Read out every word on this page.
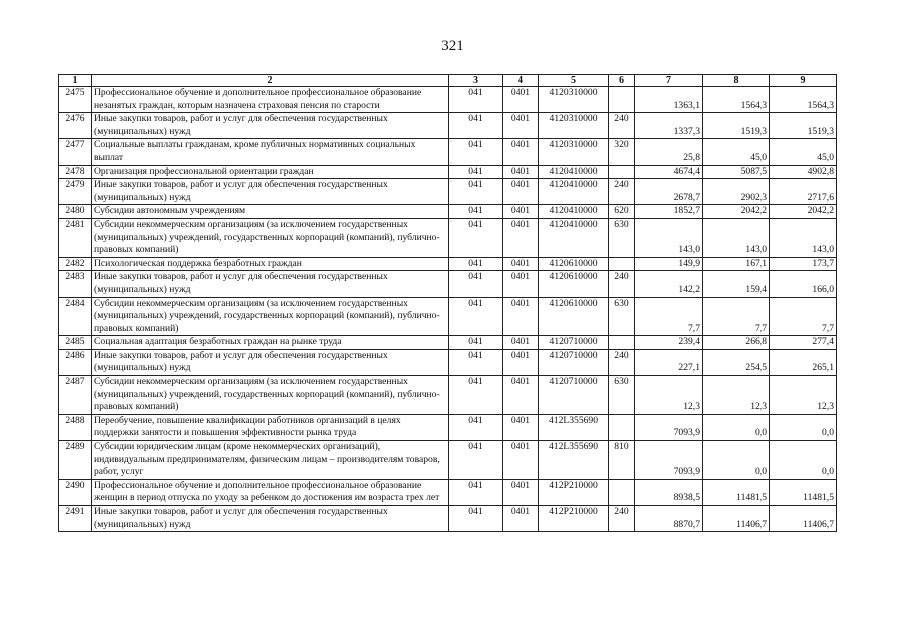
321
1	2	3	4	5	6	7	8	9
2475	Профессиональное обучение и дополнительное профессиональное образование незанятых граждан, которым назначена страховая пенсия по старости	041	0401	4120310000		1363,1	1564,3	1564,3
2476	Иные закупки товаров, работ и услуг для обеспечения государственных (муниципальных) нужд	041	0401	4120310000	240	1337,3	1519,3	1519,3
2477	Социальные выплаты гражданам, кроме публичных нормативных социальных выплат	041	0401	4120310000	320	25,8	45,0	45,0
2478	Организация профессиональной ориентации граждан	041	0401	4120410000		4674,4	5087,5	4902,8
2479	Иные закупки товаров, работ и услуг для обеспечения государственных (муниципальных) нужд	041	0401	4120410000	240	2678,7	2902,3	2717,6
2480	Субсидии автономным учреждениям	041	0401	4120410000	620	1852,7	2042,2	2042,2
2481	Субсидии некоммерческим организациям (за исключением государственных (муниципальных) учреждений, государственных корпораций (компаний), публично-правовых компаний)	041	0401	4120410000	630	143,0	143,0	143,0
2482	Психологическая поддержка безработных граждан	041	0401	4120610000		149,9	167,1	173,7
2483	Иные закупки товаров, работ и услуг для обеспечения государственных (муниципальных) нужд	041	0401	4120610000	240	142,2	159,4	166,0
2484	Субсидии некоммерческим организациям (за исключением государственных (муниципальных) учреждений, государственных корпораций (компаний), публично-правовых компаний)	041	0401	4120610000	630	7,7	7,7	7,7
2485	Социальная адаптация безработных граждан на рынке труда	041	0401	4120710000		239,4	266,8	277,4
2486	Иные закупки товаров, работ и услуг для обеспечения государственных (муниципальных) нужд	041	0401	4120710000	240	227,1	254,5	265,1
2487	Субсидии некоммерческим организациям (за исключением государственных (муниципальных) учреждений, государственных корпораций (компаний), публично-правовых компаний)	041	0401	4120710000	630	12,3	12,3	12,3
2488	Переобучение, повышение квалификации работников организаций в целях поддержки занятости и повышения эффективности рынка труда	041	0401	412L355690		7093,9	0,0	0,0
2489	Субсидии юридическим лицам (кроме некоммерческих организаций), индивидуальным предпринимателям, физическим лицам – производителям товаров, работ, услуг	041	0401	412L355690	810	7093,9	0,0	0,0
2490	Профессиональное обучение и дополнительное профессиональное образование женщин в период отпуска по уходу за ребенком до достижения им возраста трех лет	041	0401	412P210000		8938,5	11481,5	11481,5
2491	Иные закупки товаров, работ и услуг для обеспечения государственных (муниципальных) нужд	041	0401	412P210000	240	8870,7	11406,7	11406,7
